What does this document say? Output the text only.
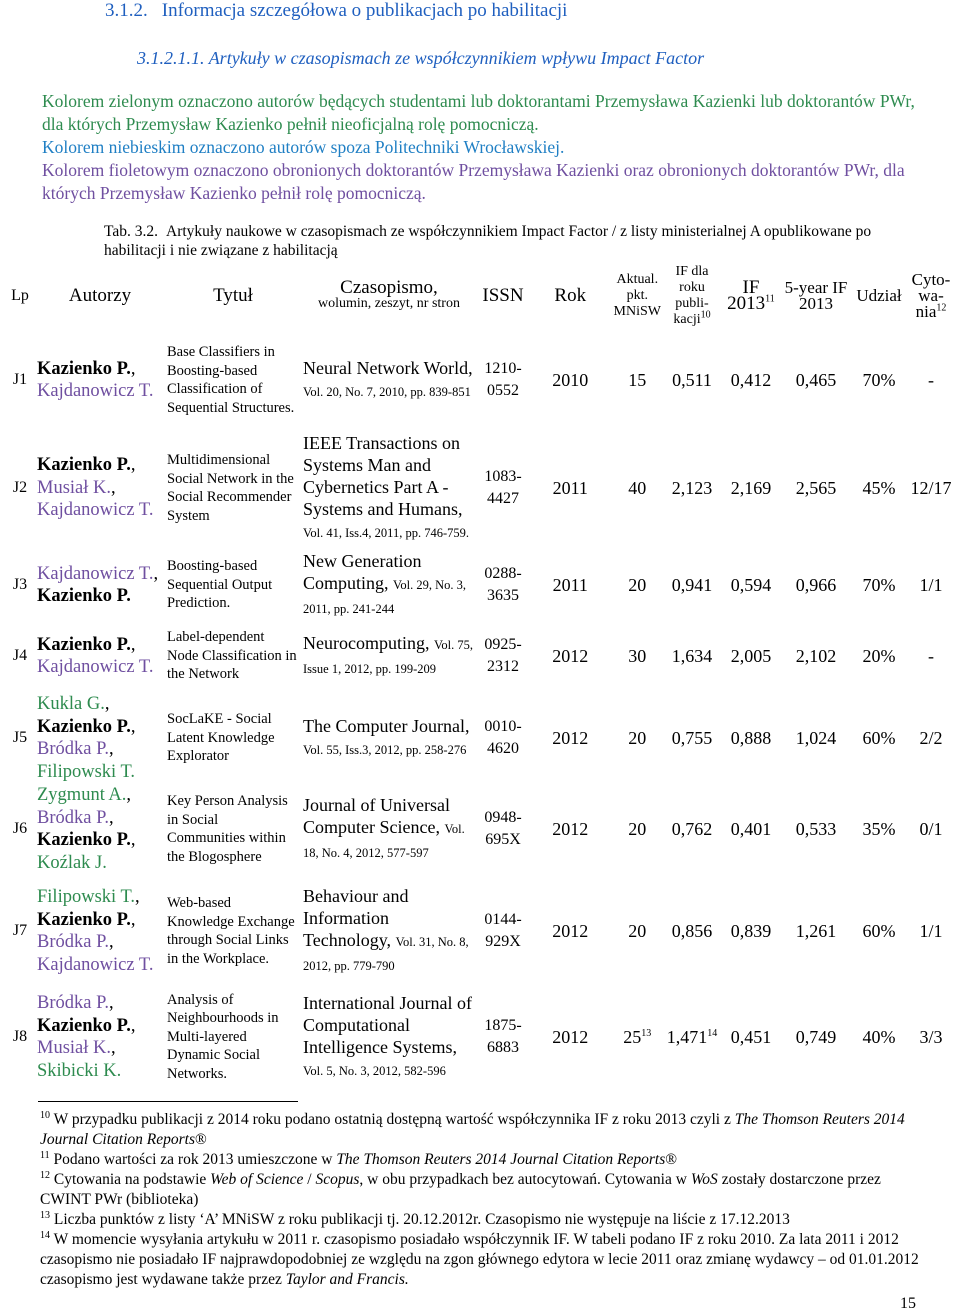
3.1.2. Informacja szczegółowa o publikacjach po habilitacji
3.1.2.1.1. Artykuły w czasopismach ze współczynnikiem wpływu Impact Factor

Kolorem zielonym oznaczono autorów będących studentami lub doktorantami Przemysława Kazienki lub doktorantów PWr, dla których Przemysław Kazienko pełnił nieoficjalną rolę pomocniczą.

Kolorem niebieskim oznaczono autorów spoza Politechniki Wrocławskiej.

Kolorem fioletowym oznaczono obronionych doktorantów Przemysława Kazienki oraz obronionych doktorantów PWr, dla których Przemysław Kazienko pełnił rolę pomocniczą.

Tab. 3.2. Artykuły naukowe w czasopismach ze współczynnikiem Impact Factor / z listy ministerialnej A opublikowane po habilitacji i nie związane z habilitacją
Lp	Autorzy	Tytuł	Czasopismo,
wolumin, zeszyt, nr stron	ISSN	Rok	Aktual. pkt. MNiSW	IF dla roku publi-kacji$^{10}$	IF 2013$^{11}$	5-year IF 2013	Udział	Cyto-wa-nia$^{12}$
J1	Kazienko P., Kajdanowicz T.	Base Classifiers in Boosting-based Classification of Sequential Structures.	Neural Network World, Vol. 20, No. 7, 2010, pp. 839-851	1210-0552	2010	15	0,511	0,412	0,465	70%	-
J2	Kazienko P., Musiał K., Kajdanowicz T.	Multidimensional Social Network in the Social Recommender System	IEEE Transactions on Systems Man and Cybernetics Part A - Systems and Humans, Vol. 41, Iss.4, 2011, pp. 746-759.	1083-4427	2011	40	2,123	2,169	2,565	45%	12/17
J3	Kajdanowicz T., Kazienko P.	Boosting-based Sequential Output Prediction.	New Generation Computing, Vol. 29, No. 3, 2011, pp. 241-244	0288-3635	2011	20	0,941	0,594	0,966	70%	1/1
J4	Kazienko P., Kajdanowicz T.	Label-dependent Node Classification in the Network	Neurocomputing, Vol. 75, Issue 1, 2012, pp. 199-209	0925-2312	2012	30	1,634	2,005	2,102	20%	-
J5	Kukla G., Kazienko P., Bródka P., Filipowski T.	SocLaKE - Social Latent Knowledge Explorator	The Computer Journal, Vol. 55, Iss.3, 2012, pp. 258-276	0010-4620	2012	20	0,755	0,888	1,024	60%	2/2
J6	Zygmunt A., Bródka P., Kazienko P., Koźlak J.	Key Person Analysis in Social Communities within the Blogosphere	Journal of Universal Computer Science, Vol. 18, No. 4, 2012, 577-597	0948-695X	2012	20	0,762	0,401	0,533	35%	0/1
J7	Filipowski T., Kazienko P., Bródka P., Kajdanowicz T.	Web-based Knowledge Exchange through Social Links in the Workplace.	Behaviour and Information Technology, Vol. 31, No. 8, 2012, pp. 779-790	0144-929X	2012	20	0,856	0,839	1,261	60%	1/1
J8	Bródka P., Kazienko P., Musiał K., Skibicki K.	Analysis of Neighbourhoods in Multi-layered Dynamic Social Networks.	International Journal of Computational Intelligence Systems, Vol. 5, No. 3, 2012, 582-596	1875-6883	2012	$25^{13}$	1,471$^{14}$	0,451	0,749	40%	3/3

$^{10}$ W przypadku publikacji z 2014 roku podano ostatnią dostępną wartość współczynnika IF z roku 2013 czyli z The Thomson Reuters 2014 Journal Citation Reports®

$^{11}$ Podano wartości za rok 2013 umieszczone w The Thomson Reuters 2014 Journal Citation Reports®

$^{12}$ Cytowania na podstawie Web of Science / Scopus, w obu przypadkach bez autocytowań. Cytowania w WoS zostały dostarczone przez CWINT PWr (biblioteka)

$^{13}$ Liczba punktów z listy ‘A’ MNiSW z roku publikacji tj. 20.12.2012r. Czasopismo nie występuje na liście z 17.12.2013

$^{14}$ W momencie wysyłania artykułu w 2011 r. czasopismo posiadało współczynnik IF. W tabeli podano IF z roku 2010. Za lata 2011 i 2012 czasopismo nie posiadało IF najprawdopodobniej ze względu na zgon głównego edytora w lecie 2011 oraz zmianę wydawcy – od 01.01.2012 czasopismo jest wydawane także przez Taylor and Francis.

15
